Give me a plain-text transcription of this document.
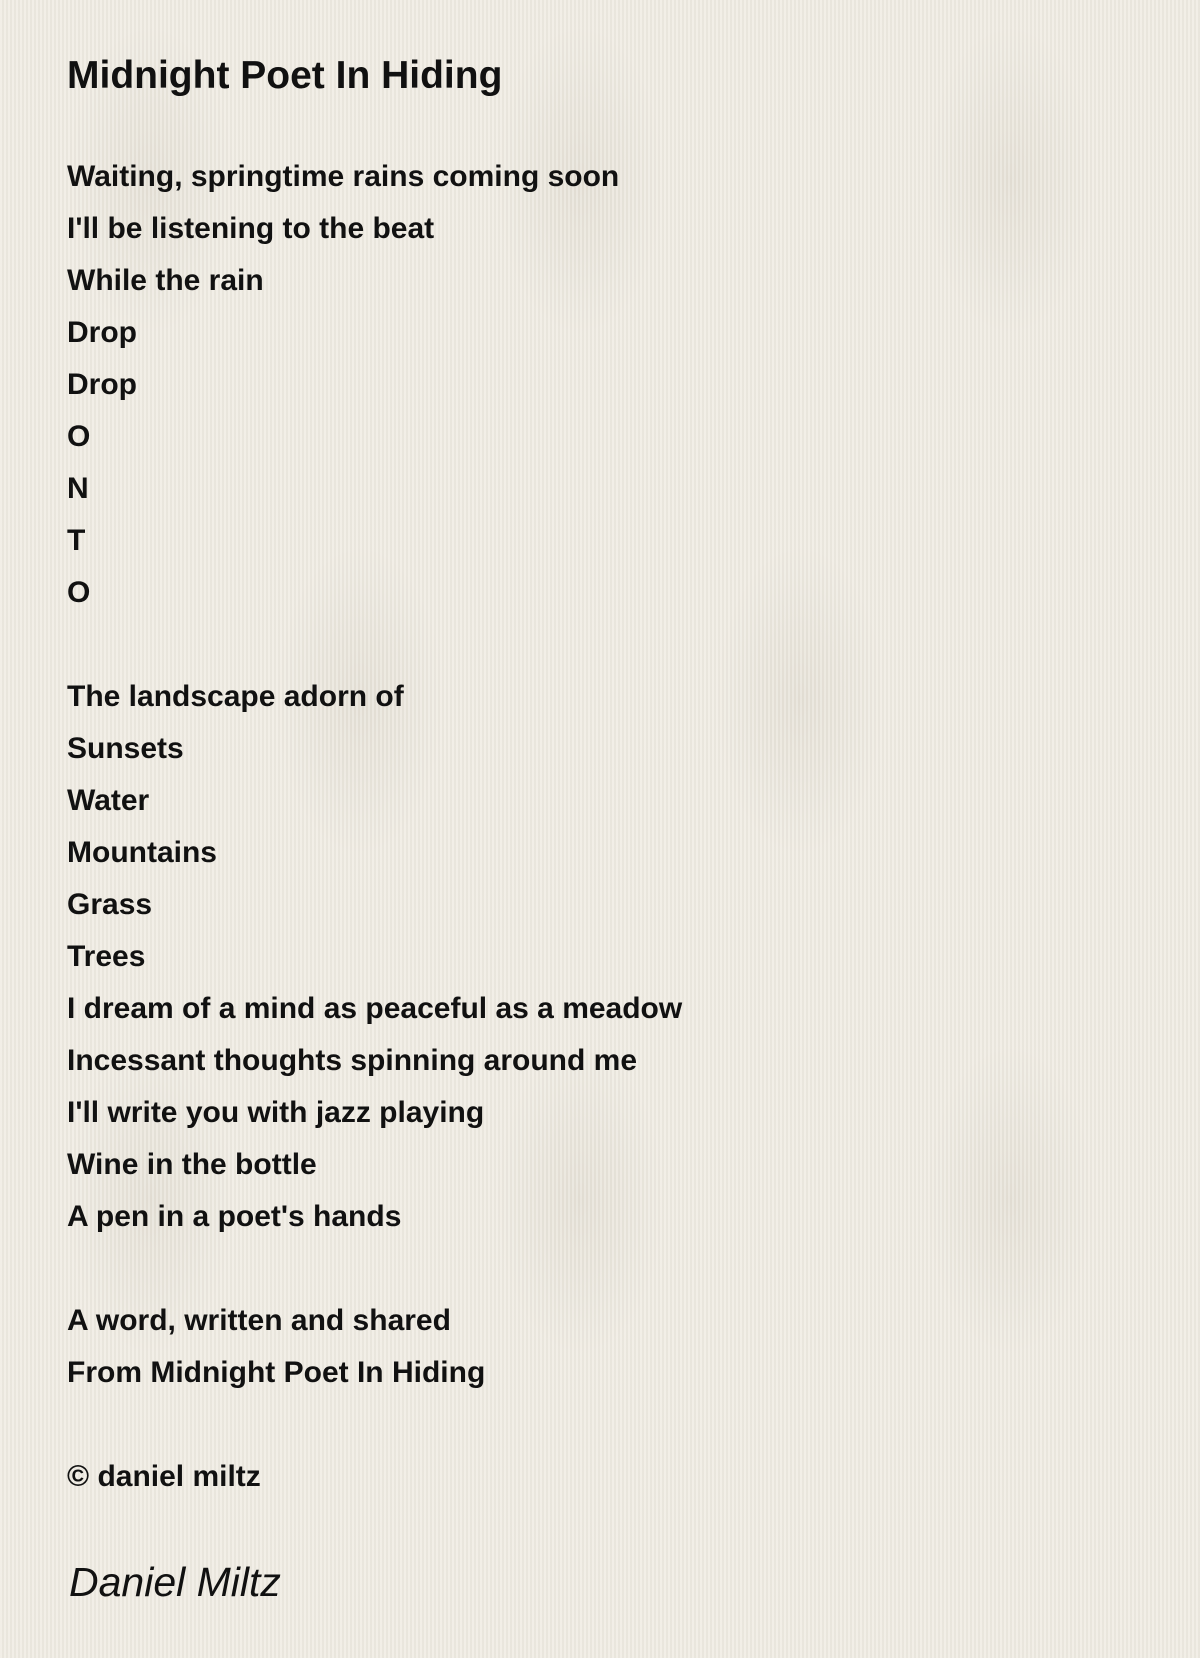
Midnight Poet In Hiding
Waiting, springtime rains coming soon
I'll be listening to the beat
While the rain
Drop
Drop
O
N
T
O
The landscape adorn of
Sunsets
Water
Mountains
Grass
Trees
I dream of a mind as peaceful as a meadow
Incessant thoughts spinning around me
I'll write you with jazz playing
Wine in the bottle
A pen in a poet's hands
A word, written and shared
From Midnight Poet In Hiding
© daniel miltz
Daniel Miltz
